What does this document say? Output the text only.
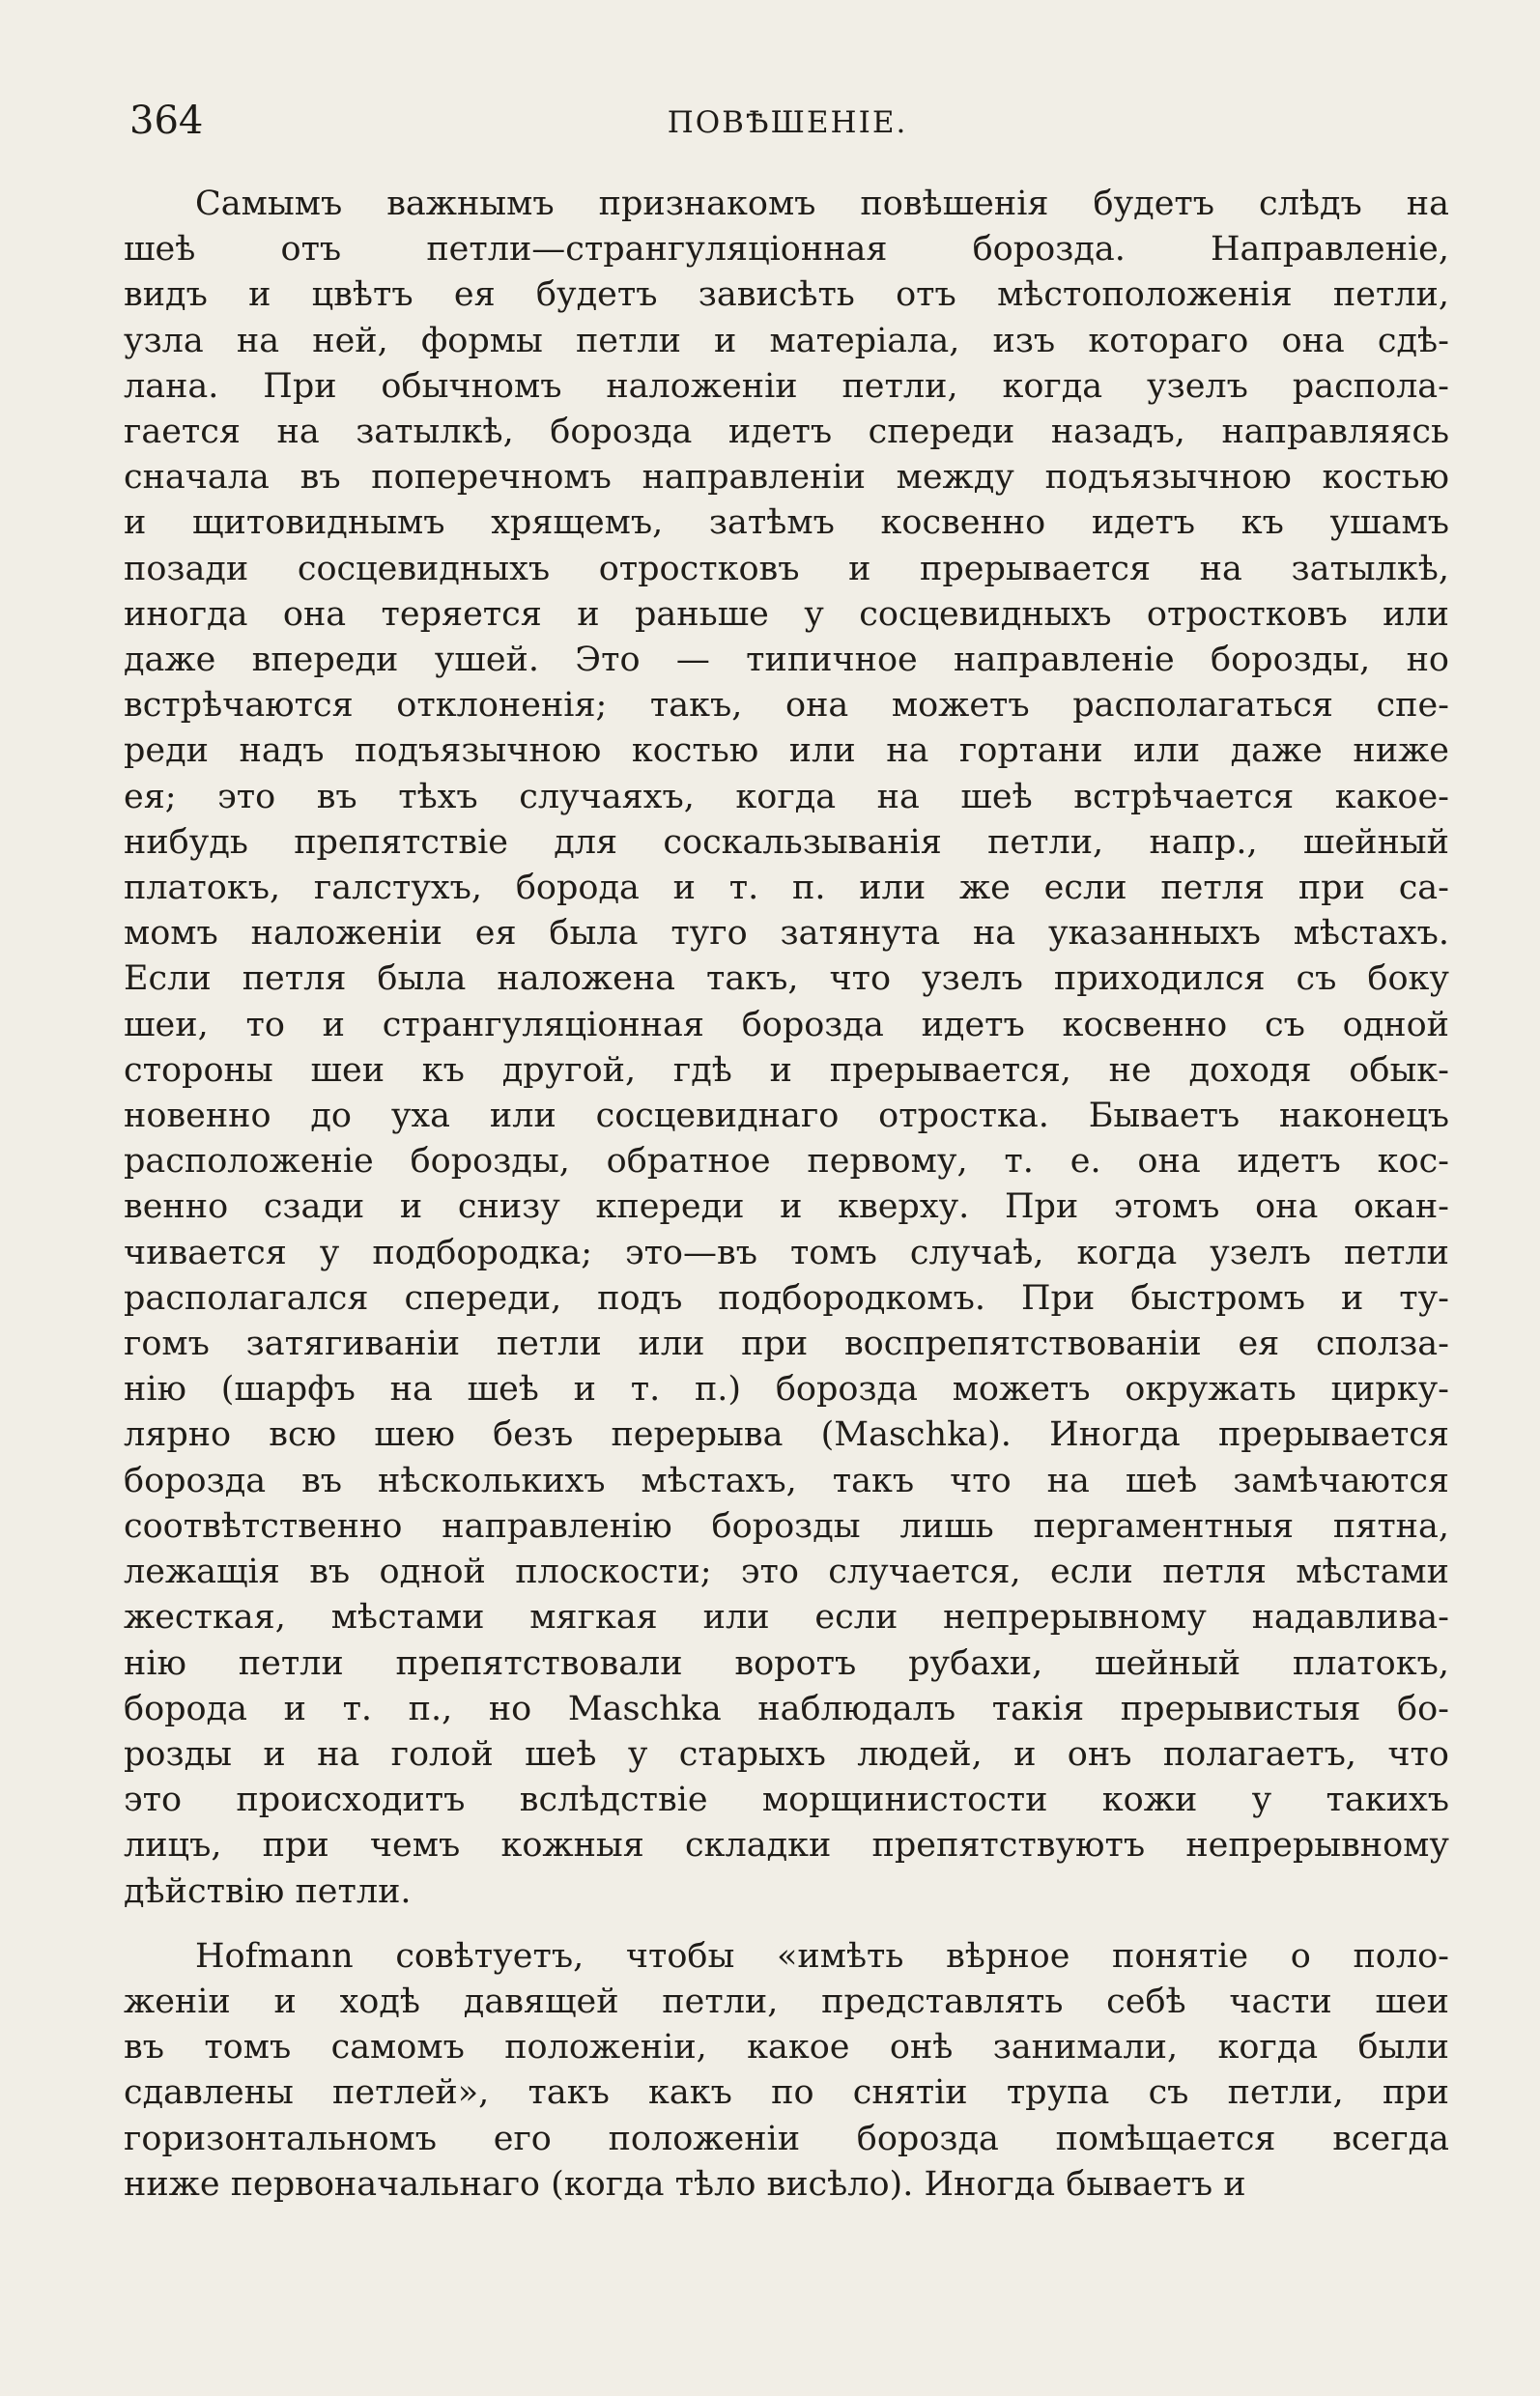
364	ПОВѢШЕНІЕ.
Самымъ важнымъ признакомъ повѣшенія будетъ слѣдъ на
шеѣ отъ петли—странгуляціонная борозда. Направленіе,
видъ и цвѣтъ ея будетъ зависѣть отъ мѣстоположенія петли,
узла на ней, формы петли и матеріала, изъ котораго она сдѣ-
лана. При обычномъ наложеніи петли, когда узелъ распола-
гается на затылкѣ, борозда идетъ спереди назадъ, направляясь
сначала въ поперечномъ направленіи между подъязычною костью
и щитовиднымъ хрящемъ, затѣмъ косвенно идетъ къ ушамъ
позади сосцевидныхъ отростковъ и прерывается на затылкѣ,
иногда она теряется и раньше у сосцевидныхъ отростковъ или
даже впереди ушей. Это — типичное направленіе борозды, но
встрѣчаются отклоненія; такъ, она можетъ располагаться спе-
реди надъ подъязычною костью или на гортани или даже ниже
ея; это въ тѣхъ случаяхъ, когда на шеѣ встрѣчается какое-
нибудь препятствіе для соскальзыванія петли, напр., шейный
платокъ, галстухъ, борода и т. п. или же если петля при са-
момъ наложеніи ея была туго затянута на указанныхъ мѣстахъ.
Если петля была наложена такъ, что узелъ приходился съ боку
шеи, то и странгуляціонная борозда идетъ косвенно съ одной
стороны шеи къ другой, гдѣ и прерывается, не доходя обык-
новенно до уха или сосцевиднаго отростка. Бываетъ наконецъ
расположеніе борозды, обратное первому, т. е. она идетъ кос-
венно сзади и снизу кпереди и кверху. При этомъ она окан-
чивается у подбородка; это—въ томъ случаѣ, когда узелъ петли
располагался спереди, подъ подбородкомъ. При быстромъ и ту-
гомъ затягиваніи петли или при воспрепятствованіи ея сполза-
нію (шарфъ на шеѣ и т. п.) борозда можетъ окружать цирку-
лярно всю шею безъ перерыва (Maschka). Иногда прерывается
борозда въ нѣсколькихъ мѣстахъ, такъ что на шеѣ замѣчаются
соотвѣтственно направленію борозды лишь пергаментныя пятна,
лежащія въ одной плоскости; это случается, если петля мѣстами
жесткая, мѣстами мягкая или если непрерывному надавлива-
нію петли препятствовали воротъ рубахи, шейный платокъ,
борода и т. п., но Maschka наблюдалъ такія прерывистыя бо-
розды и на голой шеѣ у старыхъ людей, и онъ полагаетъ, что
это происходитъ вслѣдствіе морщинистости кожи у такихъ
лицъ, при чемъ кожныя складки препятствуютъ непрерывному
дѣйствію петли.
Hofmann совѣтуетъ, чтобы «имѣть вѣрное понятіе о поло-
женіи и ходѣ давящей петли, представлять себѣ части шеи
въ томъ самомъ положеніи, какое онѣ занимали, когда были
сдавлены петлей», такъ какъ по снятіи трупа съ петли, при
горизонтальномъ его положеніи борозда помѣщается всегда
ниже первоначальнаго (когда тѣло висѣло). Иногда бываетъ и
